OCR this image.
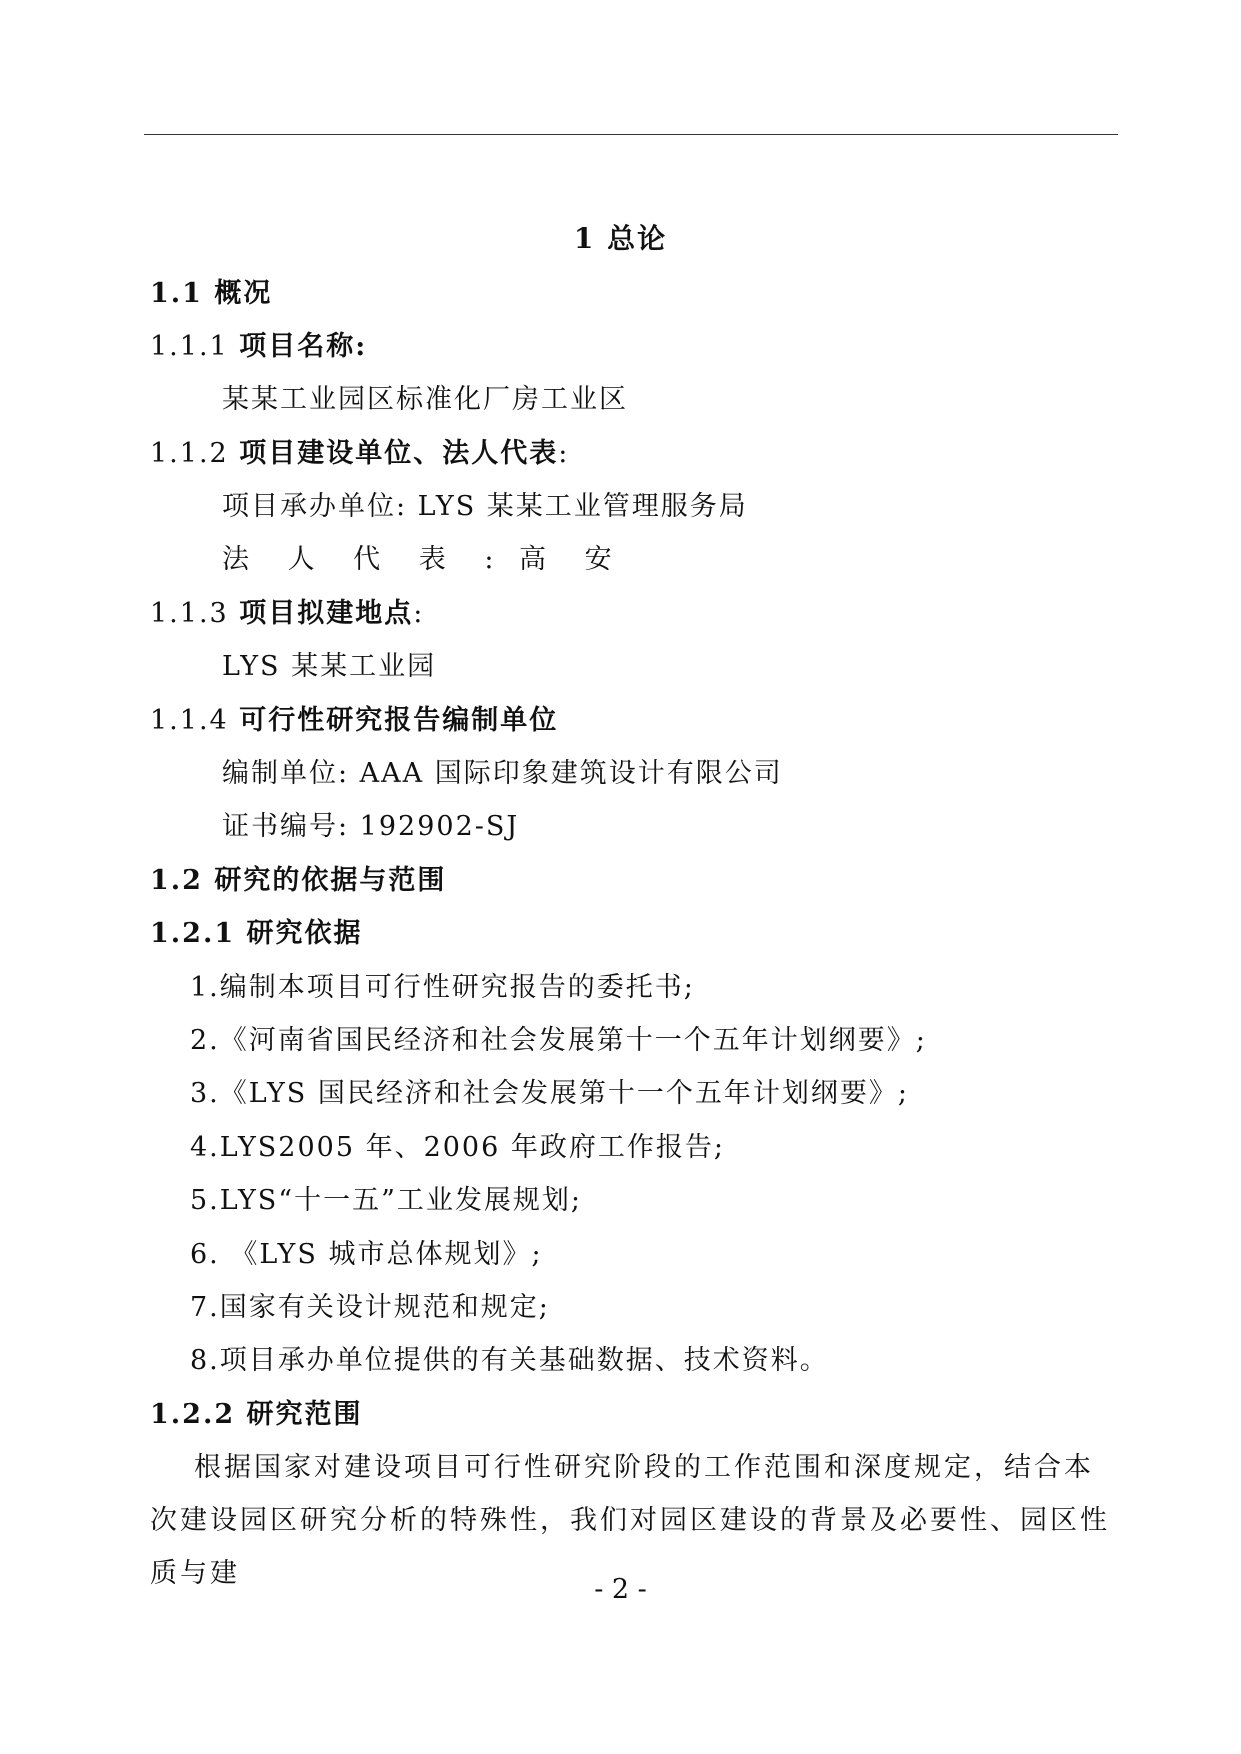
1 总论
1.1 概况
1.1.1 项目名称:
某某工业园区标准化厂房工业区
1.1.2 项目建设单位、法人代表:
项目承办单位: LYS 某某工业管理服务局
法 人 代 表 : 高 安
1.1.3 项目拟建地点:
LYS 某某工业园
1.1.4 可行性研究报告编制单位
编制单位: AAA 国际印象建筑设计有限公司
证书编号: 192902-SJ
1.2 研究的依据与范围
1.2.1 研究依据
1.编制本项目可行性研究报告的委托书;
2.《河南省国民经济和社会发展第十一个五年计划纲要》;
3.《LYS 国民经济和社会发展第十一个五年计划纲要》;
4.LYS2005 年、2006 年政府工作报告;
5.LYS“十一五”工业发展规划;
6. 《LYS 城市总体规划》;
7.国家有关设计规范和规定;
8.项目承办单位提供的有关基础数据、技术资料。
1.2.2 研究范围
根据国家对建设项目可行性研究阶段的工作范围和深度规定，结合本次建设园区研究分析的特殊性，我们对园区建设的背景及必要性、园区性质与建
- 2 -
